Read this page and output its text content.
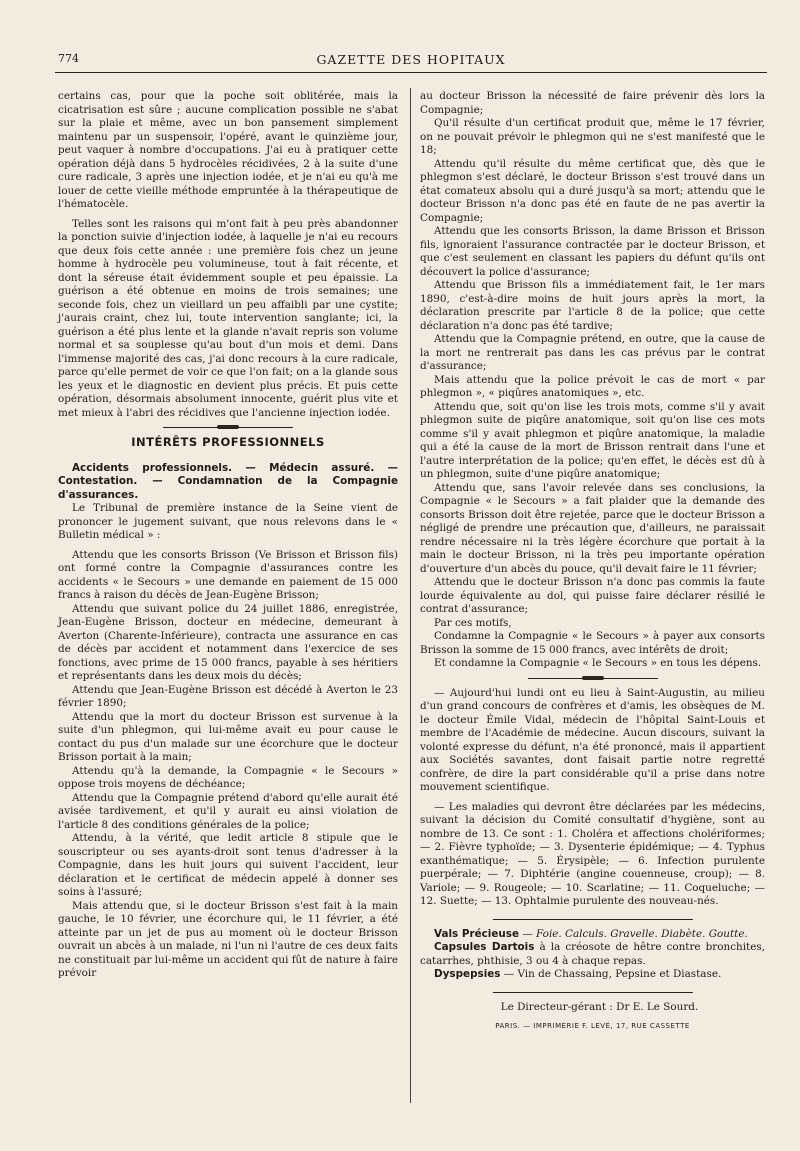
774	GAZETTE DES HOPITAUX

certains cas, pour que la poche soit oblitérée, mais la cicatrisation est sûre ; aucune complication possible ne s'abat sur la plaie et même, avec un bon pansement simplement maintenu par un suspensoir, l'opéré, avant le quinzième jour, peut vaquer à nombre d'occupations. J'ai eu à pratiquer cette opération déjà dans 5 hydrocèles récidivées, 2 à la suite d'une cure radicale, 3 après une injection iodée, et je n'ai eu qu'à me louer de cette vieille méthode empruntée à la thérapeutique de l'hématocèle.

Telles sont les raisons qui m'ont fait à peu près abandonner la ponction suivie d'injection iodée, à laquelle je n'ai eu recours que deux fois cette année : une première fois chez un jeune homme à hydrocèle peu volumineuse, tout à fait récente, et dont la séreuse était évidemment souple et peu épaissie. La guérison a été obtenue en moins de trois semaines; une seconde fois, chez un vieillard un peu affaibli par une cystite; j'aurais craint, chez lui, toute intervention sanglante; ici, la guérison a été plus lente et la glande n'avait repris son volume normal et sa souplesse qu'au bout d'un mois et demi. Dans l'immense majorité des cas, j'ai donc recours à la cure radicale, parce qu'elle permet de voir ce que l'on fait; on a la glande sous les yeux et le diagnostic en devient plus précis. Et puis cette opération, désormais absolument innocente, guérit plus vite et met mieux à l'abri des récidives que l'ancienne injection iodée.

INTÉRÊTS PROFESSIONNELS

Accidents professionnels. — Médecin assuré. — Contestation. — Condamnation de la Compagnie d'assurances.

Le Tribunal de première instance de la Seine vient de prononcer le jugement suivant, que nous relevons dans le « Bulletin médical » :

Attendu que les consorts Brisson (Ve Brisson et Brisson fils) ont formé contre la Compagnie d'assurances contre les accidents « le Secours » une demande en paiement de 15 000 francs à raison du décès de Jean-Eugène Brisson;

Attendu que suivant police du 24 juillet 1886, enregistrée, Jean-Eugène Brisson, docteur en médecine, demeurant à Averton (Charente-Inférieure), contracta une assurance en cas de décès par accident et notamment dans l'exercice de ses fonctions, avec prime de 15 000 francs, payable à ses héritiers et représentants dans les deux mois du décès;

Attendu que Jean-Eugène Brisson est décédé à Averton le 23 février 1890;

Attendu que la mort du docteur Brisson est survenue à la suite d'un phlegmon, qui lui-même avait eu pour cause le contact du pus d'un malade sur une écorchure que le docteur Brisson portait à la main;

Attendu qu'à la demande, la Compagnie « le Secours » oppose trois moyens de déchéance;

Attendu que la Compagnie prétend d'abord qu'elle aurait été avisée tardivement, et qu'il y aurait eu ainsi violation de l'article 8 des conditions générales de la police;

Attendu, à la vérité, que ledit article 8 stipule que le souscripteur ou ses ayants-droit sont tenus d'adresser à la Compagnie, dans les huit jours qui suivent l'accident, leur déclaration et le certificat de médecin appelé à donner ses soins à l'assuré;

Mais attendu que, si le docteur Brisson s'est fait à la main gauche, le 10 février, une écorchure qui, le 11 février, a été atteinte par un jet de pus au moment où le docteur Brisson ouvrait un abcès à un malade, ni l'un ni l'autre de ces deux faits ne constituait par lui-même un accident qui fût de nature à faire prévoir

au docteur Brisson la nécessité de faire prévenir dès lors la Compagnie;

Qu'il résulte d'un certificat produit que, même le 17 février, on ne pouvait prévoir le phlegmon qui ne s'est manifesté que le 18;

Attendu qu'il résulte du même certificat que, dès que le phlegmon s'est déclaré, le docteur Brisson s'est trouvé dans un état comateux absolu qui a duré jusqu'à sa mort; attendu que le docteur Brisson n'a donc pas été en faute de ne pas avertir la Compagnie;

Attendu que les consorts Brisson, la dame Brisson et Brisson fils, ignoraient l'assurance contractée par le docteur Brisson, et que c'est seulement en classant les papiers du défunt qu'ils ont découvert la police d'assurance;

Attendu que Brisson fils a immédiatement fait, le 1er mars 1890, c'est-à-dire moins de huit jours après la mort, la déclaration prescrite par l'article 8 de la police; que cette déclaration n'a donc pas été tardive;

Attendu que la Compagnie prétend, en outre, que la cause de la mort ne rentrerait pas dans les cas prévus par le contrat d'assurance;

Mais attendu que la police prévoit le cas de mort « par phlegmon », « piqûres anatomiques », etc.

Attendu que, soit qu'on lise les trois mots, comme s'il y avait phlegmon suite de piqûre anatomique, soit qu'on lise ces mots comme s'il y avait phlegmon et piqûre anatomique, la maladie qui a été la cause de la mort de Brisson rentrait dans l'une et l'autre interprétation de la police; qu'en effet, le décès est dû à un phlegmon, suite d'une piqûre anatomique;

Attendu que, sans l'avoir relevée dans ses conclusions, la Compagnie « le Secours » a fait plaider que la demande des consorts Brisson doit être rejetée, parce que le docteur Brisson a négligé de prendre une précaution que, d'ailleurs, ne paraissait rendre nécessaire ni la très légère écorchure que portait à la main le docteur Brisson, ni la très peu importante opération d'ouverture d'un abcès du pouce, qu'il devait faire le 11 février;

Attendu que le docteur Brisson n'a donc pas commis la faute lourde équivalente au dol, qui puisse faire déclarer résilié le contrat d'assurance;

Par ces motifs,

Condamne la Compagnie « le Secours » à payer aux consorts Brisson la somme de 15 000 francs, avec intérêts de droit;

Et condamne la Compagnie « le Secours » en tous les dépens.

— Aujourd'hui lundi ont eu lieu à Saint-Augustin, au milieu d'un grand concours de confrères et d'amis, les obsèques de M. le docteur Émile Vidal, médecin de l'hôpital Saint-Louis et membre de l'Académie de médecine. Aucun discours, suivant la volonté expresse du défunt, n'a été prononcé, mais il appartient aux Sociétés savantes, dont faisait partie notre regretté confrère, de dire la part considérable qu'il a prise dans notre mouvement scientifique.

— Les maladies qui devront être déclarées par les médecins, suivant la décision du Comité consultatif d'hygiène, sont au nombre de 13. Ce sont : 1. Choléra et affections cholériformes; — 2. Fièvre typhoïde; — 3. Dysenterie épidémique; — 4. Typhus exanthématique; — 5. Érysipèle; — 6. Infection purulente puerpérale; — 7. Diphtérie (angine couenneuse, croup); — 8. Variole; — 9. Rougeole; — 10. Scarlatine; — 11. Coqueluche; — 12. Suette; — 13. Ophtalmie purulente des nouveau-nés.

Vals Précieuse — Foie. Calculs. Gravelle. Diabète. Goutte.

Capsules Dartois à la créosote de hêtre contre bronchites, catarrhes, phthisie, 3 ou 4 à chaque repas.

Dyspepsies — Vin de Chassaing, Pepsine et Diastase.

Le Directeur-gérant : Dr E. Le Sourd.

PARIS. — IMPRIMERIE F. LEVÉ, 17, RUE CASSETTE
